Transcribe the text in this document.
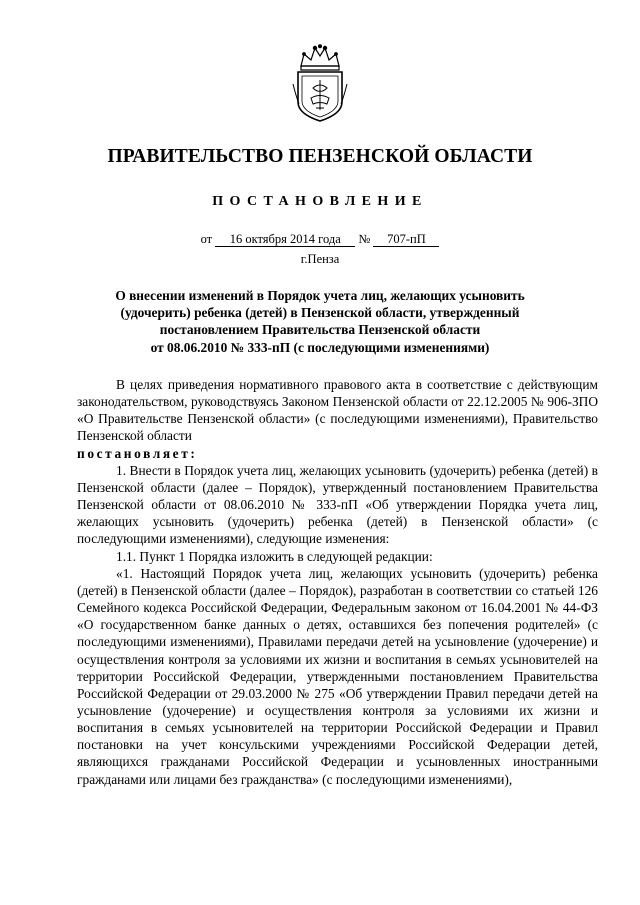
ПРАВИТЕЛЬСТВО ПЕНЗЕНСКОЙ ОБЛАСТИ
ПОСТАНОВЛЕНИЕ
от 16 октября 2014 года № 707-пП
г.Пенза
О внесении изменений в Порядок учета лиц, желающих усыновить
(удочерить) ребенка (детей) в Пензенской области, утвержденный
постановлением Правительства Пензенской области
от 08.06.2010 № 333-пП (с последующими изменениями)

В целях приведения нормативного правового акта в соответствие с действующим законодательством, руководствуясь Законом Пензенской области от 22.12.2005 № 906-ЗПО «О Правительстве Пензенской области» (с последующими изменениями), Правительство Пензенской области

постановляет:

1. Внести в Порядок учета лиц, желающих усыновить (удочерить) ребенка (детей) в Пензенской области (далее – Порядок), утвержденный постановлением Правительства Пензенской области от 08.06.2010 № 333-пП «Об утверждении Порядка учета лиц, желающих усыновить (удочерить) ребенка (детей) в Пензенской области» (с последующими изменениями), следующие изменения:

1.1. Пункт 1 Порядка изложить в следующей редакции:

«1. Настоящий Порядок учета лиц, желающих усыновить (удочерить) ребенка (детей) в Пензенской области (далее – Порядок), разработан в соответствии со статьей 126 Семейного кодекса Российской Федерации, Федеральным законом от 16.04.2001 № 44-ФЗ «О государственном банке данных о детях, оставшихся без попечения родителей» (с последующими изменениями), Правилами передачи детей на усыновление (удочерение) и осуществления контроля за условиями их жизни и воспитания в семьях усыновителей на территории Российской Федерации, утвержденными постановлением Правительства Российской Федерации от 29.03.2000 № 275 «Об утверждении Правил передачи детей на усыновление (удочерение) и осуществления контроля за условиями их жизни и воспитания в семьях усыновителей на территории Российской Федерации и Правил постановки на учет консульскими учреждениями Российской Федерации детей, являющихся гражданами Российской Федерации и усыновленных иностранными гражданами или лицами без гражданства» (с последующими изменениями),
